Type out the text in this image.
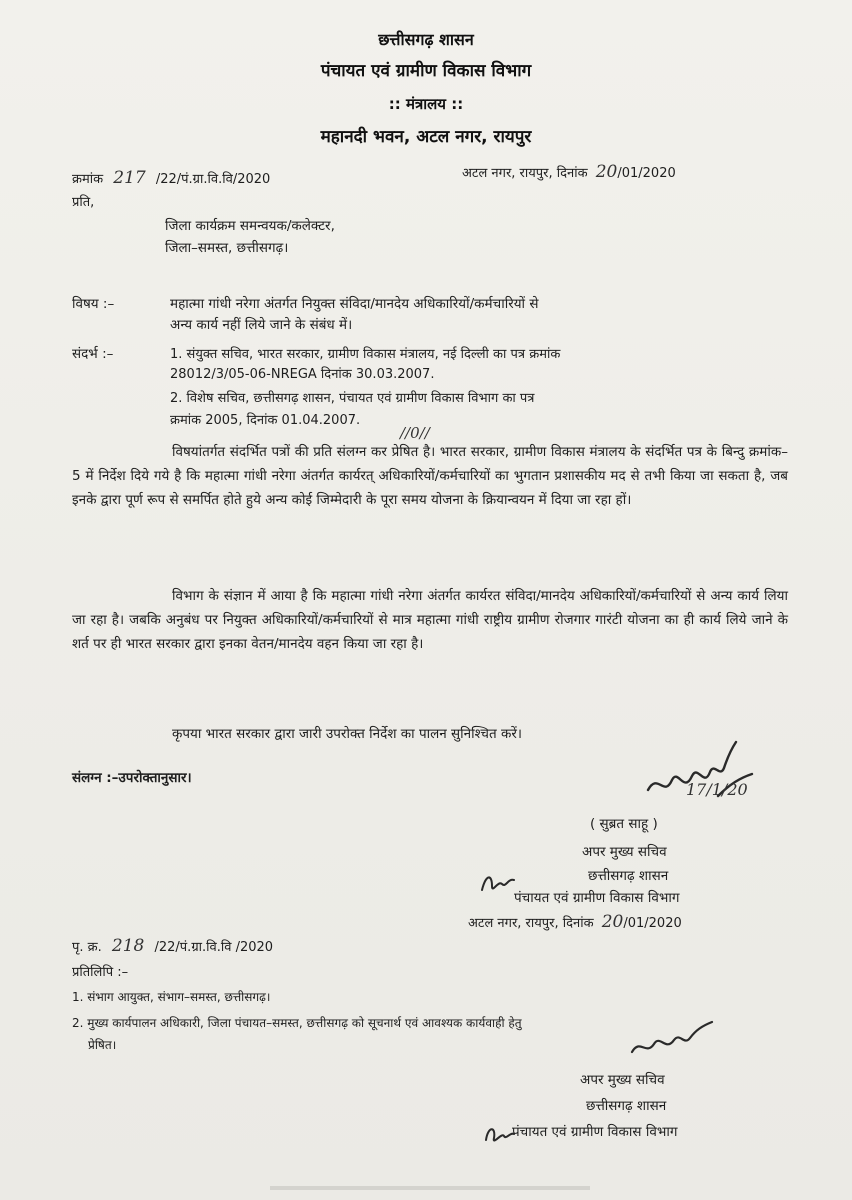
छत्तीसगढ़ शासन
पंचायत एवं ग्रामीण विकास विभाग
:: मंत्रालय ::
महानदी भवन, अटल नगर, रायपुर
क्रमांक 217 /22/पं.ग्रा.वि.वि/2020	अटल नगर, रायपुर, दिनांक 20/01/2020
प्रति,
जिला कार्यक्रम समन्वयक/कलेक्टर,
जिला–समस्त, छत्तीसगढ़।
विषय :–	महात्मा गांधी नरेगा अंतर्गत नियुक्त संविदा/मानदेय अधिकारियों/कर्मचारियों से
अन्य कार्य नहीं लिये जाने के संबंध में।
संदर्भ :–	1. संयुक्त सचिव, भारत सरकार, ग्रामीण विकास मंत्रालय, नई दिल्ली का पत्र क्रमांक
28012/3/05-06-NREGA दिनांक 30.03.2007.
2. विशेष सचिव, छत्तीसगढ़ शासन, पंचायत एवं ग्रामीण विकास विभाग का पत्र
क्रमांक 2005, दिनांक 01.04.2007.
//0//
विषयांतर्गत संदर्भित पत्रों की प्रति संलग्न कर प्रेषित है। भारत सरकार, ग्रामीण विकास मंत्रालय के संदर्भित पत्र के बिन्दु क्रमांक–5 में निर्देश दिये गये है कि महात्मा गांधी नरेगा अंतर्गत कार्यरत् अधिकारियों/कर्मचारियों का भुगतान प्रशासकीय मद से तभी किया जा सकता है, जब इनके द्वारा पूर्ण रूप से समर्पित होते हुये अन्य कोई जिम्मेदारी के पूरा समय योजना के क्रियान्वयन में दिया जा रहा हों।
विभाग के संज्ञान में आया है कि महात्मा गांधी नरेगा अंतर्गत कार्यरत संविदा/मानदेय अधिकारियों/कर्मचारियों से अन्य कार्य लिया जा रहा है। जबकि अनुबंध पर नियुक्त अधिकारियों/कर्मचारियों से मात्र महात्मा गांधी राष्ट्रीय ग्रामीण रोजगार गारंटी योजना का ही कार्य लिये जाने के शर्त पर ही भारत सरकार द्वारा इनका वेतन/मानदेय वहन किया जा रहा है।
कृपया भारत सरकार द्वारा जारी उपरोक्त निर्देश का पालन सुनिश्चित करें।
संलग्न :–उपरोक्तानुसार।
17/1/20
( सुब्रत साहू )
अपर मुख्य सचिव
छत्तीसगढ़ शासन
पंचायत एवं ग्रामीण विकास विभाग
अटल नगर, रायपुर, दिनांक 20/01/2020
पृ. क्र. 218 /22/पं.ग्रा.वि.वि /2020
प्रतिलिपि :–
1. संभाग आयुक्त, संभाग–समस्त, छत्तीसगढ़।
2. मुख्य कार्यपालन अधिकारी, जिला पंचायत–समस्त, छत्तीसगढ़ को सूचनार्थ एवं आवश्यक कार्यवाही हेतु
प्रेषित।
अपर मुख्य सचिव
छत्तीसगढ़ शासन
पंचायत एवं ग्रामीण विकास विभाग
